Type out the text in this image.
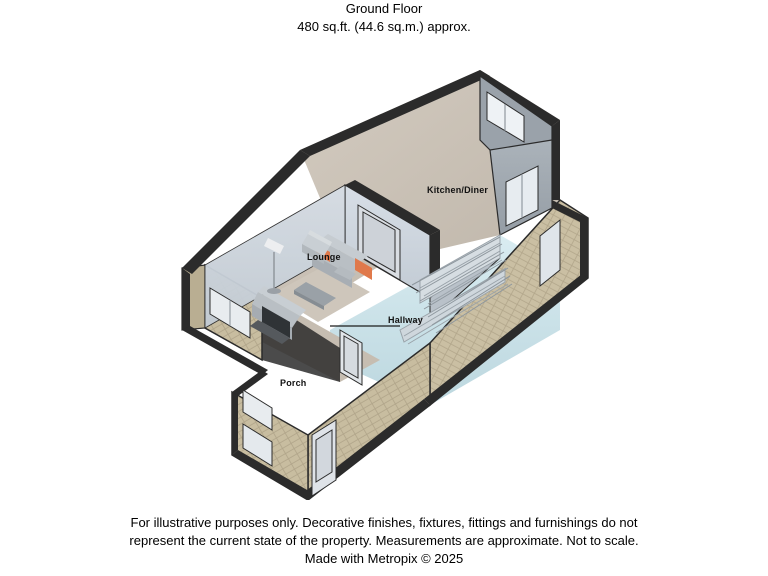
Ground Floor
480 sq.ft. (44.6 sq.m.) approx.
Lounge
Kitchen/Diner
Hallway
Porch
For illustrative purposes only. Decorative finishes, fixtures, fittings and furnishings do not
represent the current state of the property. Measurements are approximate. Not to scale.
Made with Metropix © 2025
